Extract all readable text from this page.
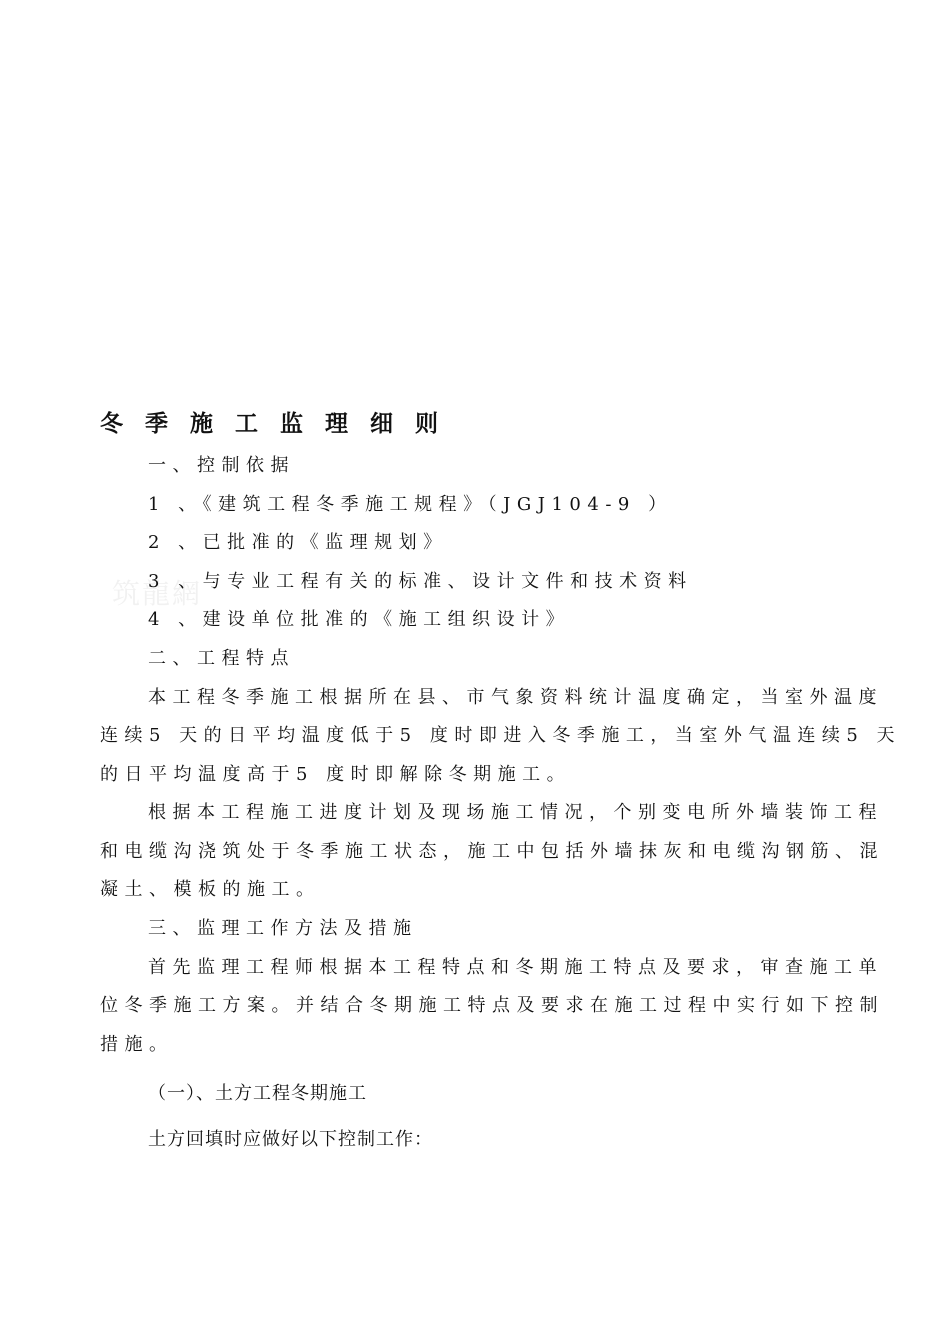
筑龍網
冬季施工监理细则
一、控制依据
1 、《建筑工程冬季施工规程》（JGJ104-9 ）
2 、已批准的《监理规划》
3 、与专业工程有关的标准、设计文件和技术资料
4 、建设单位批准的《施工组织设计》
二、工程特点
本工程冬季施工根据所在县、市气象资料统计温度确定，当室外温度
连续5 天的日平均温度低于5 度时即进入冬季施工，当室外气温连续5 天
的日平均温度高于5 度时即解除冬期施工。
根据本工程施工进度计划及现场施工情况，个别变电所外墙装饰工程
和电缆沟浇筑处于冬季施工状态，施工中包括外墙抹灰和电缆沟钢筋、混
凝土、模板的施工。
三、监理工作方法及措施
首先监理工程师根据本工程特点和冬期施工特点及要求，审查施工单
位冬季施工方案。并结合冬期施工特点及要求在施工过程中实行如下控制
措施。
（一）、土方工程冬期施工
土方回填时应做好以下控制工作：
